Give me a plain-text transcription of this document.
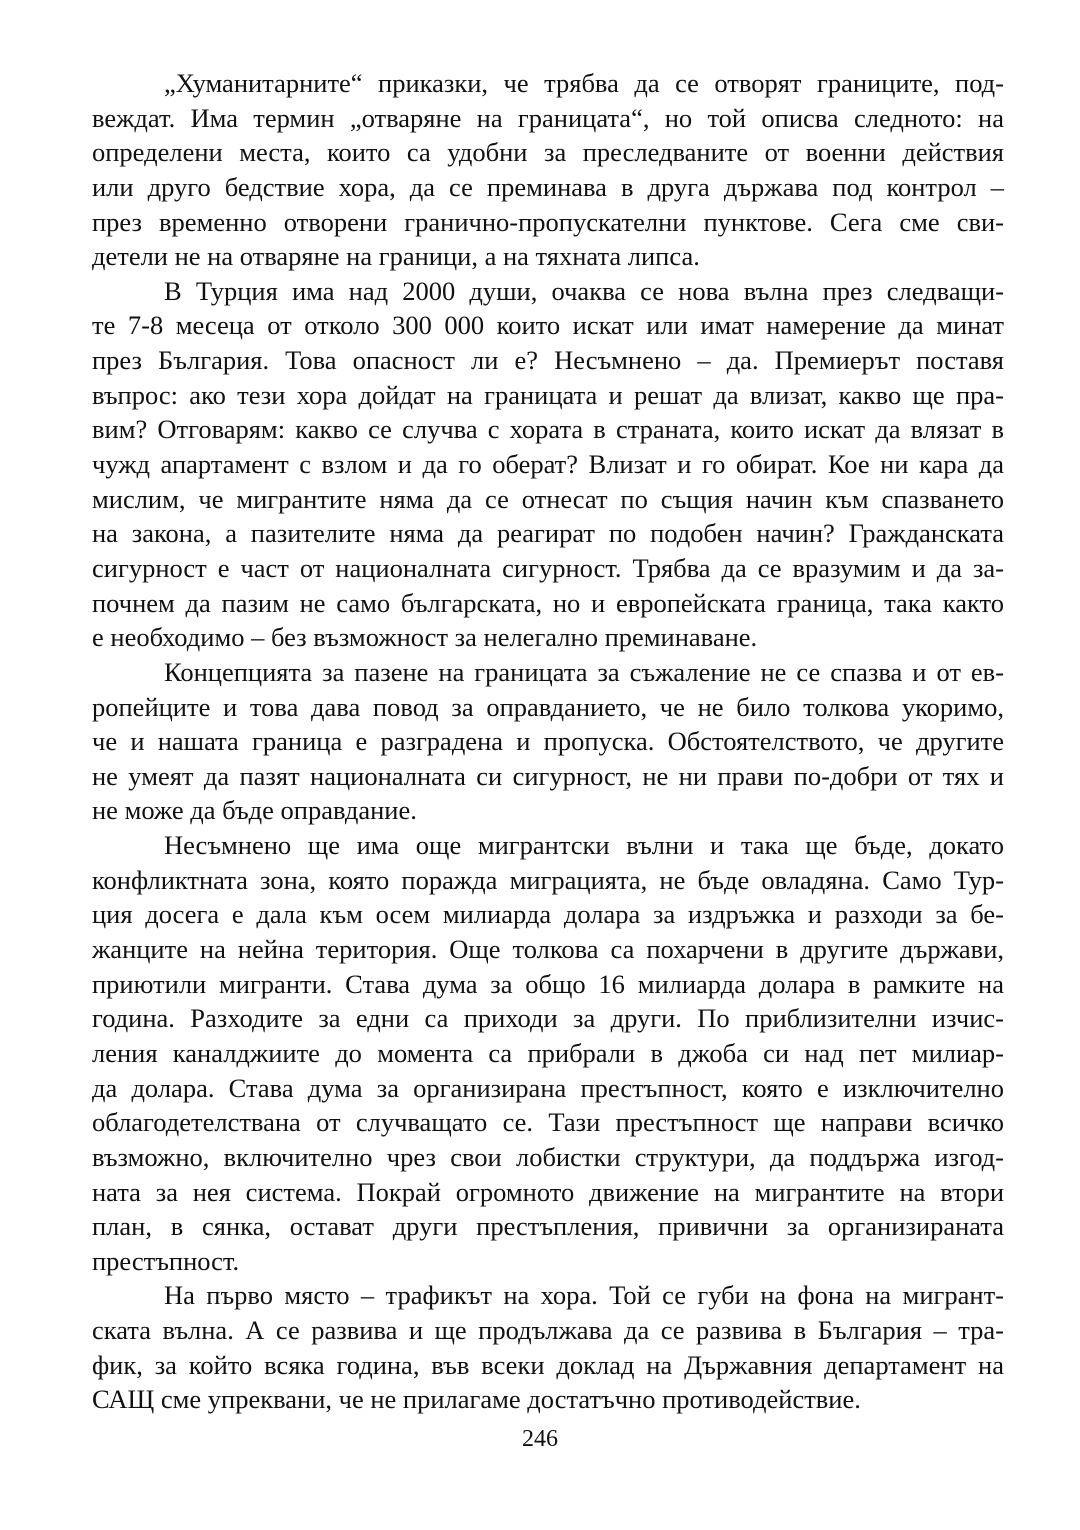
„Хуманитарните“ приказки, че трябва да се отворят границите, под-
веждат. Има термин „отваряне на границата“, но той описва следното: на
определени места, които са удобни за преследваните от военни действия
или друго бедствие хора, да се преминава в друга държава под контрол –
през временно отворени гранично-пропускателни пунктове. Сега сме сви-
детели не на отваряне на граници, а на тяхната липса.
В Турция има над 2000 души, очаква се нова вълна през следващи-
те 7-8 месеца от отколо 300 000 които искат или имат намерение да минат
през България. Това опасност ли е? Несъмнено – да. Премиерът поставя
въпрос: ако тези хора дойдат на границата и решат да влизат, какво ще пра-
вим? Отговарям: какво се случва с хората в страната, които искат да влязат в
чужд апартамент с взлом и да го оберат? Влизат и го обират. Кое ни кара да
мислим, че мигрантите няма да се отнесат по същия начин към спазването
на закона, а пазителите няма да реагират по подобен начин? Гражданската
сигурност е част от националната сигурност. Трябва да се вразумим и да за-
почнем да пазим не само българската, но и европейската граница, така както
е необходимо – без възможност за нелегално преминаване.
Концепцията за пазене на границата за съжаление не се спазва и от ев-
ропейците и това дава повод за оправданието, че не било толкова укоримо,
че и нашата граница е разградена и пропуска. Обстоятелството, че другите
не умеят да пазят националната си сигурност, не ни прави по-добри от тях и
не може да бъде оправдание.
Несъмнено ще има още мигрантски вълни и така ще бъде, докато
конфликтната зона, която поражда миграцията, не бъде овладяна. Само Тур-
ция досега е дала към осем милиарда долара за издръжка и разходи за бе-
жанците на нейна територия. Още толкова са похарчени в другите държави,
приютили мигранти. Става дума за общо 16 милиарда долара в рамките на
година. Разходите за едни са приходи за други. По приблизителни изчис-
ления каналджиите до момента са прибрали в джоба си над пет милиар-
да долара. Става дума за организирана престъпност, която е изключително
облагодетелствана от случващато се. Тази престъпност ще направи всичко
възможно, включително чрез свои лобистки структури, да поддържа изгод-
ната за нея система. Покрай огромното движение на мигрантите на втори
план, в сянка, остават други престъпления, привични за организираната
престъпност.
На първо място – трафикът на хора. Той се губи на фона на мигрант-
ската вълна. А се развива и ще продължава да се развива в България – тра-
фик, за който всяка година, във всеки доклад на Държавния департамент на
САЩ сме упреквани, че не прилагаме достатъчно противодействие.
246
